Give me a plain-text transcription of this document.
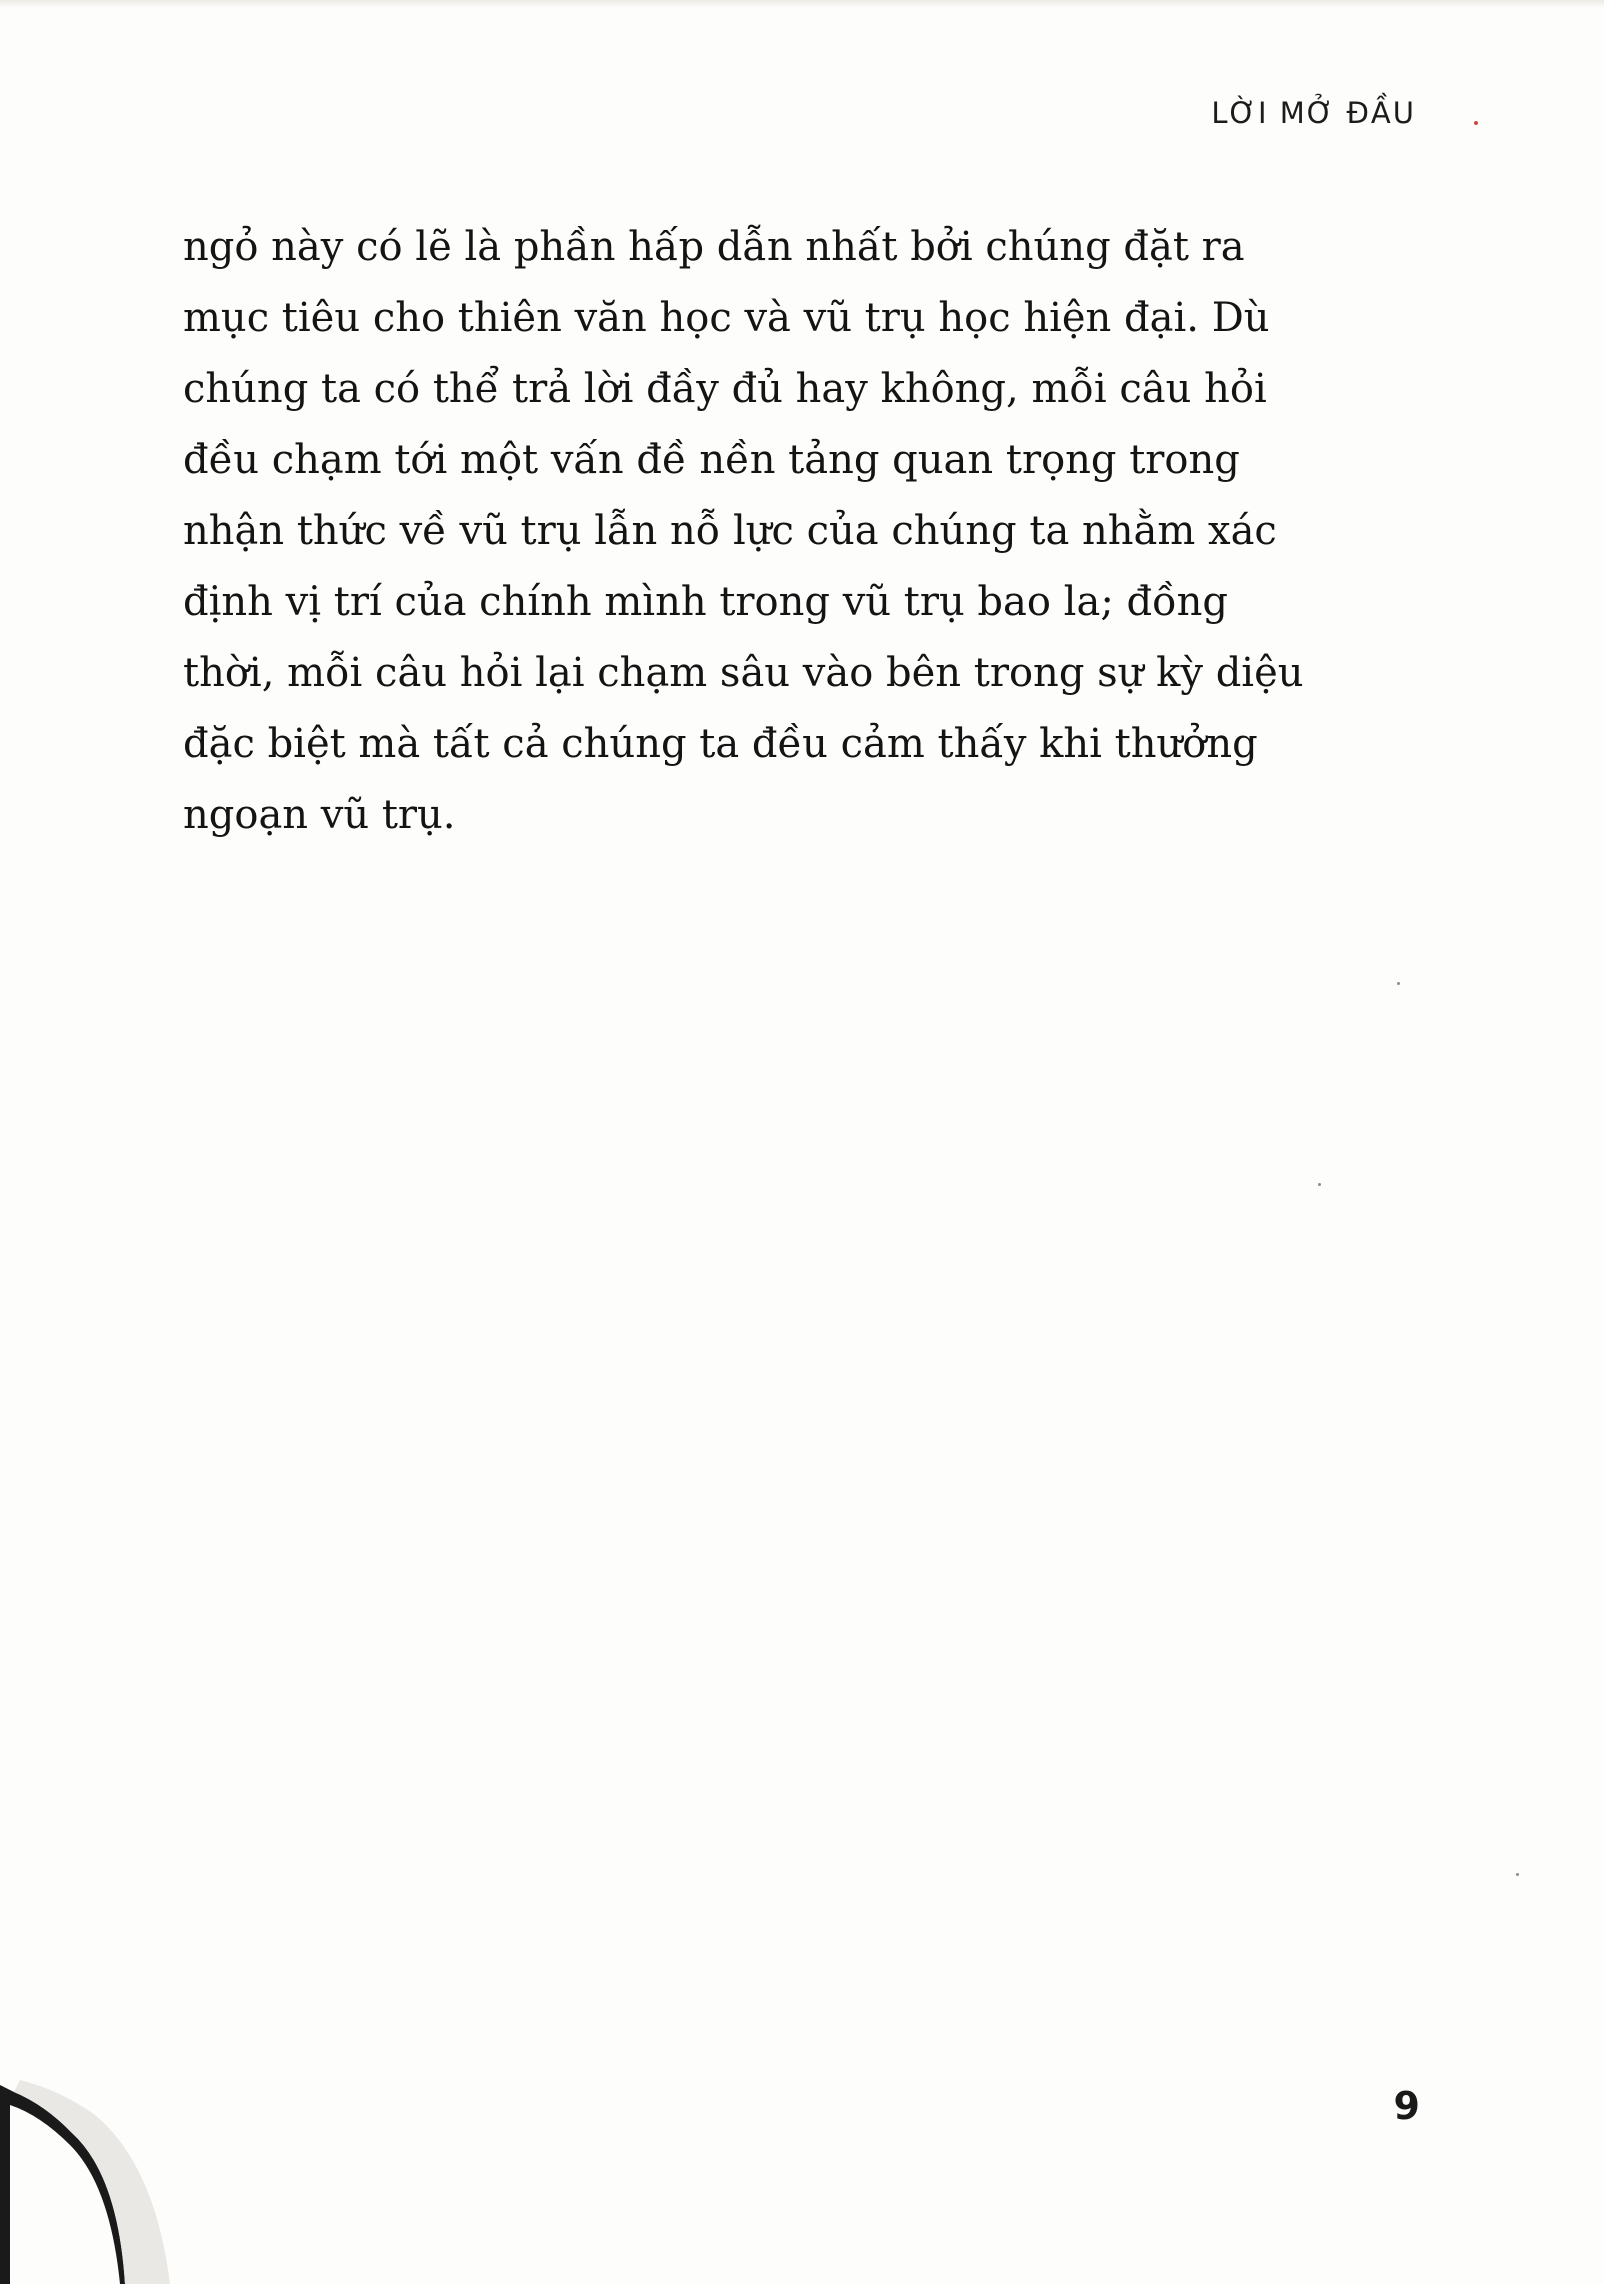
LỜI MỞ ĐẦU
ngỏ này có lẽ là phần hấp dẫn nhất bởi chúng đặt ra
mục tiêu cho thiên văn học và vũ trụ học hiện đại. Dù
chúng ta có thể trả lời đầy đủ hay không, mỗi câu hỏi
đều chạm tới một vấn đề nền tảng quan trọng trong
nhận thức về vũ trụ lẫn nỗ lực của chúng ta nhằm xác
định vị trí của chính mình trong vũ trụ bao la; đồng
thời, mỗi câu hỏi lại chạm sâu vào bên trong sự kỳ diệu
đặc biệt mà tất cả chúng ta đều cảm thấy khi thưởng
ngoạn vũ trụ.
9
